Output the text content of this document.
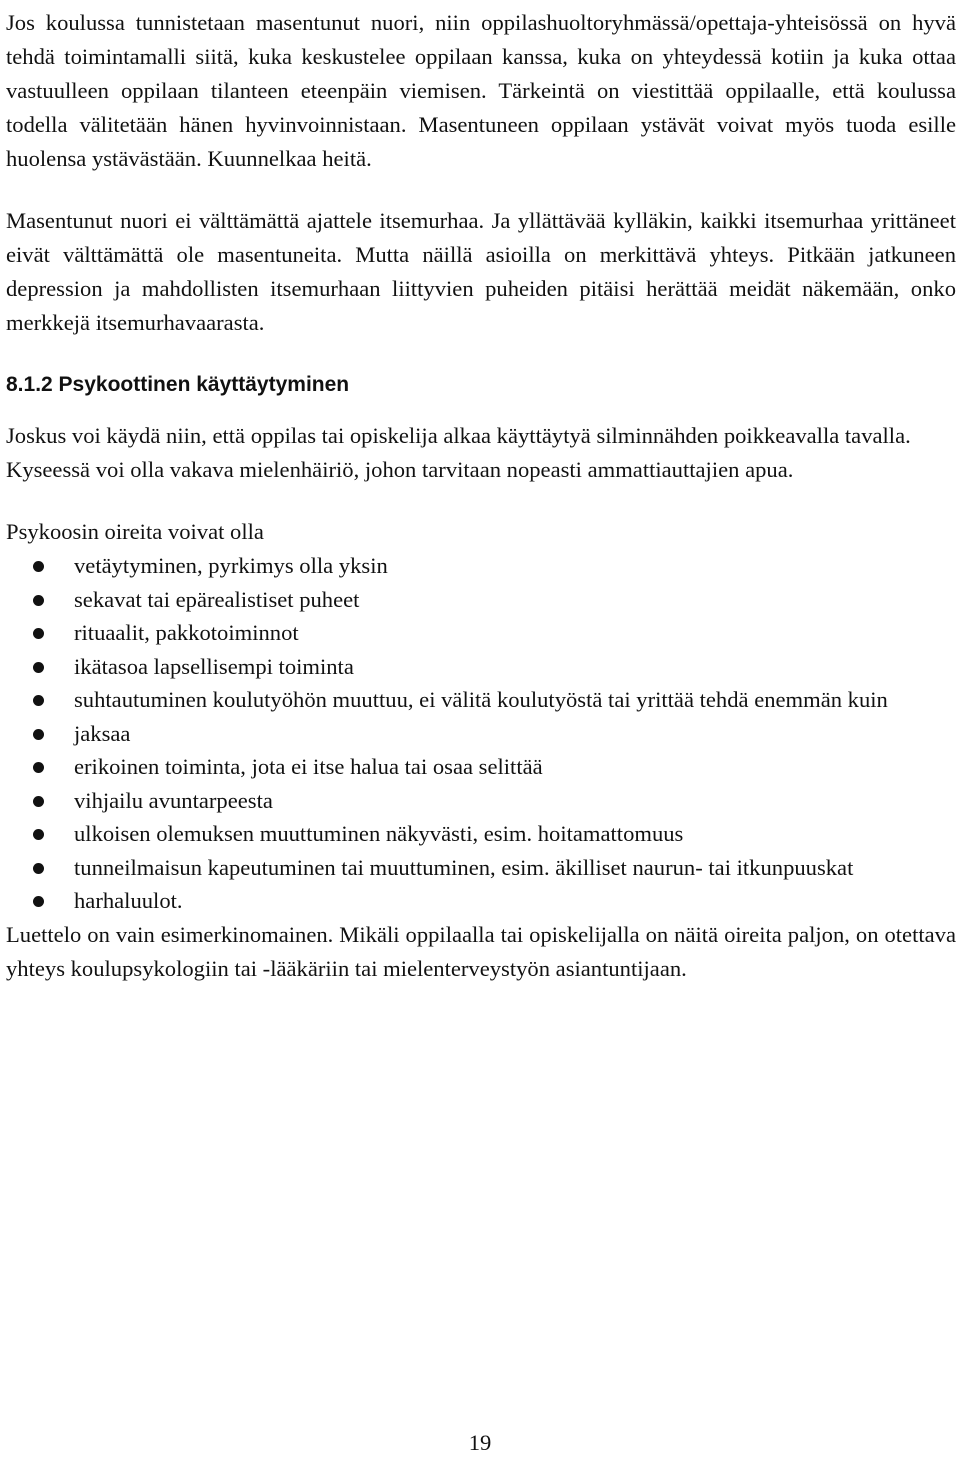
Jos koulussa tunnistetaan masentunut nuori, niin oppilashuoltoryhmässä/opettaja-yhteisössä on hyvä tehdä toimintamalli siitä, kuka keskustelee oppilaan kanssa, kuka on yhteydessä kotiin ja kuka ottaa vastuulleen oppilaan tilanteen eteenpäin viemisen. Tärkeintä on viestittää oppilaalle, että koulussa todella välitetään hänen hyvinvoinnistaan. Masentuneen oppilaan ystävät voivat myös tuoda esille huolensa ystävästään. Kuunnelkaa heitä.

Masentunut nuori ei välttämättä ajattele itsemurhaa. Ja yllättävää kylläkin, kaikki itsemurhaa yrittäneet eivät välttämättä ole masentuneita. Mutta näillä asioilla on merkittävä yhteys. Pitkään jatkuneen depression ja mahdollisten itsemurhaan liittyvien puheiden pitäisi herättää meidät näkemään, onko merkkejä itsemurhavaarasta.

8.1.2 Psykoottinen käyttäytyminen

Joskus voi käydä niin, että oppilas tai opiskelija alkaa käyttäytyä silminnähden poikkeavalla tavalla.

Kyseessä voi olla vakava mielenhäiriö, johon tarvitaan nopeasti ammattiauttajien apua.

Psykoosin oireita voivat olla

vetäytyminen, pyrkimys olla yksin
sekavat tai epärealistiset puheet
rituaalit, pakkotoiminnot
ikätasoa lapsellisempi toiminta
suhtautuminen koulutyöhön muuttuu, ei välitä koulutyöstä tai yrittää tehdä enemmän kuin
jaksaa
erikoinen toiminta, jota ei itse halua tai osaa selittää
vihjailu avuntarpeesta
ulkoisen olemuksen muuttuminen näkyvästi, esim. hoitamattomuus
tunneilmaisun kapeutuminen tai muuttuminen, esim. äkilliset naurun- tai itkunpuuskat
harhaluulot.

Luettelo on vain esimerkinomainen. Mikäli oppilaalla tai opiskelijalla on näitä oireita paljon, on otettava yhteys koulupsykologiin tai -lääkäriin tai mielenterveystyön asiantuntijaan.

19
